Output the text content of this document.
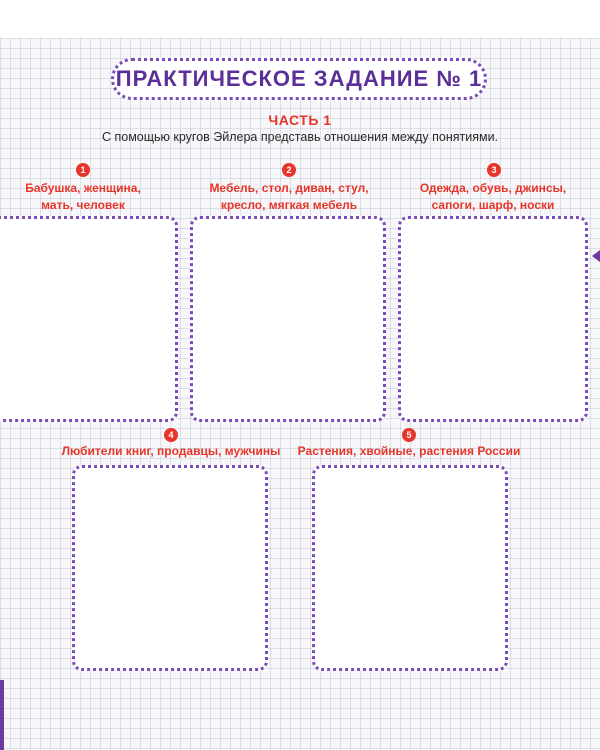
ПРАКТИЧЕСКОЕ ЗАДАНИЕ № 1
ЧАСТЬ 1
С помощью кругов Эйлера представь отношения между понятиями.
1
Бабушка, женщина,
мать, человек
2
Мебель, стол, диван, стул,
кресло, мягкая мебель
3
Одежда, обувь, джинсы,
сапоги, шарф, носки
4
Любители книг, продавцы, мужчины
5
Растения, хвойные, растения России
